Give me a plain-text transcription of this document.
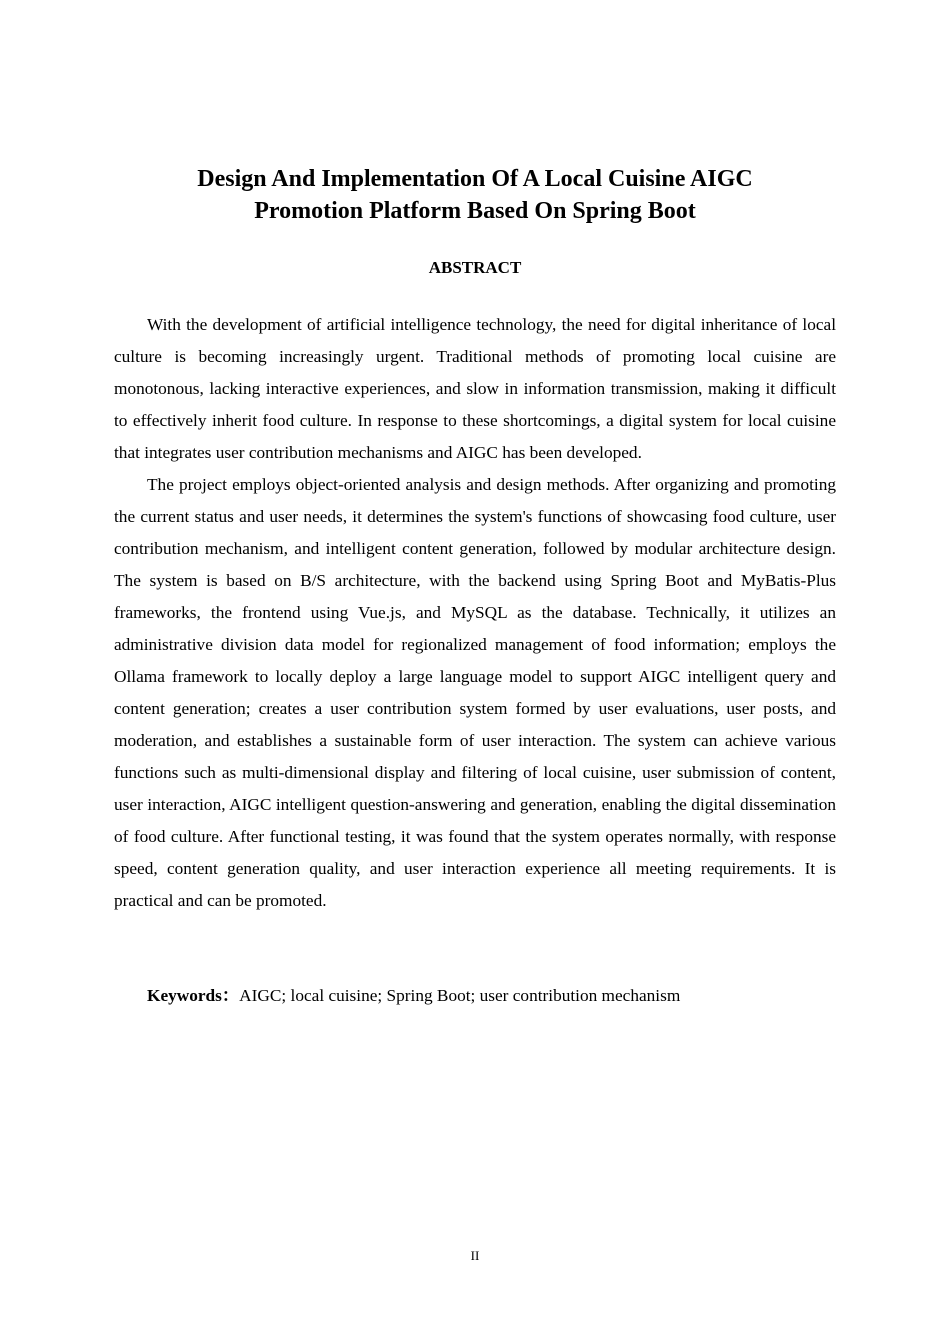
Design And Implementation Of A Local Cuisine AIGC
Promotion Platform Based On Spring Boot
ABSTRACT

With the development of artificial intelligence technology, the need for digital inheritance of local culture is becoming increasingly urgent. Traditional methods of promoting local cuisine are monotonous, lacking interactive experiences, and slow in information transmission, making it difficult to effectively inherit food culture. In response to these shortcomings, a digital system for local cuisine that integrates user contribution mechanisms and AIGC has been developed.

The project employs object-oriented analysis and design methods. After organizing and promoting the current status and user needs, it determines the system's functions of showcasing food culture, user contribution mechanism, and intelligent content generation, followed by modular architecture design. The system is based on B/S architecture, with the backend using Spring Boot and MyBatis-Plus frameworks, the frontend using Vue.js, and MySQL as the database. Technically, it utilizes an administrative division data model for regionalized management of food information; employs the Ollama framework to locally deploy a large language model to support AIGC intelligent query and content generation; creates a user contribution system formed by user evaluations, user posts, and moderation, and establishes a sustainable form of user interaction. The system can achieve various functions such as multi-dimensional display and filtering of local cuisine, user submission of content, user interaction, AIGC intelligent question-answering and generation, enabling the digital dissemination of food culture. After functional testing, it was found that the system operates normally, with response speed, content generation quality, and user interaction experience all meeting requirements. It is practical and can be promoted.

Keywords：AIGC; local cuisine; Spring Boot; user contribution mechanism

II
